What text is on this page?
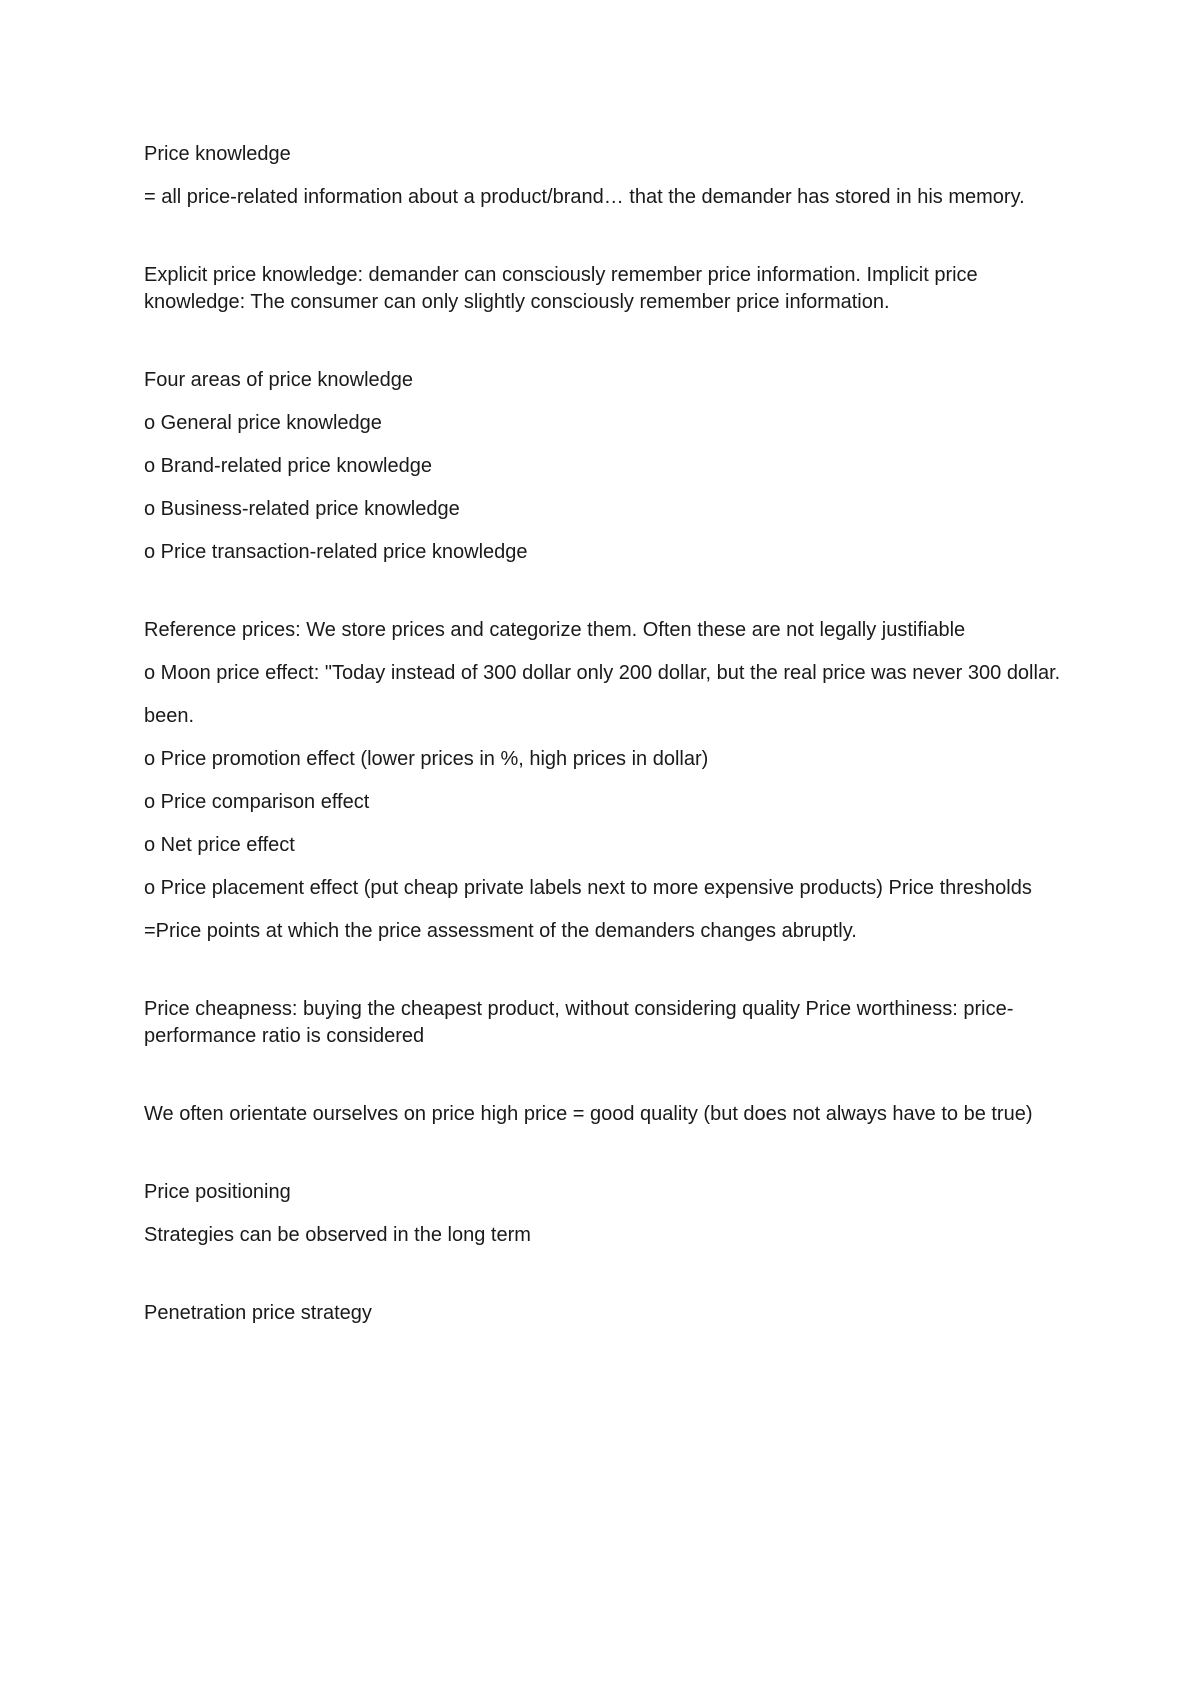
Price knowledge

= all price-related information about a product/brand… that the demander has stored in his memory.

Explicit price knowledge: demander can consciously remember price information. Implicit price knowledge: The consumer can only slightly consciously remember price information.

Four areas of price knowledge

o General price knowledge

o Brand-related price knowledge

o Business-related price knowledge

o Price transaction-related price knowledge

Reference prices: We store prices and categorize them. Often these are not legally justifiable

o Moon price effect: "Today instead of 300 dollar only 200 dollar, but the real price was never 300 dollar.

been.

o Price promotion effect (lower prices in %, high prices in dollar)

o Price comparison effect

o Net price effect

o Price placement effect (put cheap private labels next to more expensive products) Price thresholds

=Price points at which the price assessment of the demanders changes abruptly.

Price cheapness: buying the cheapest product, without considering quality Price worthiness: price-performance ratio is considered

We often orientate ourselves on price high price = good quality (but does not always have to be true)

Price positioning

Strategies can be observed in the long term

Penetration price strategy
